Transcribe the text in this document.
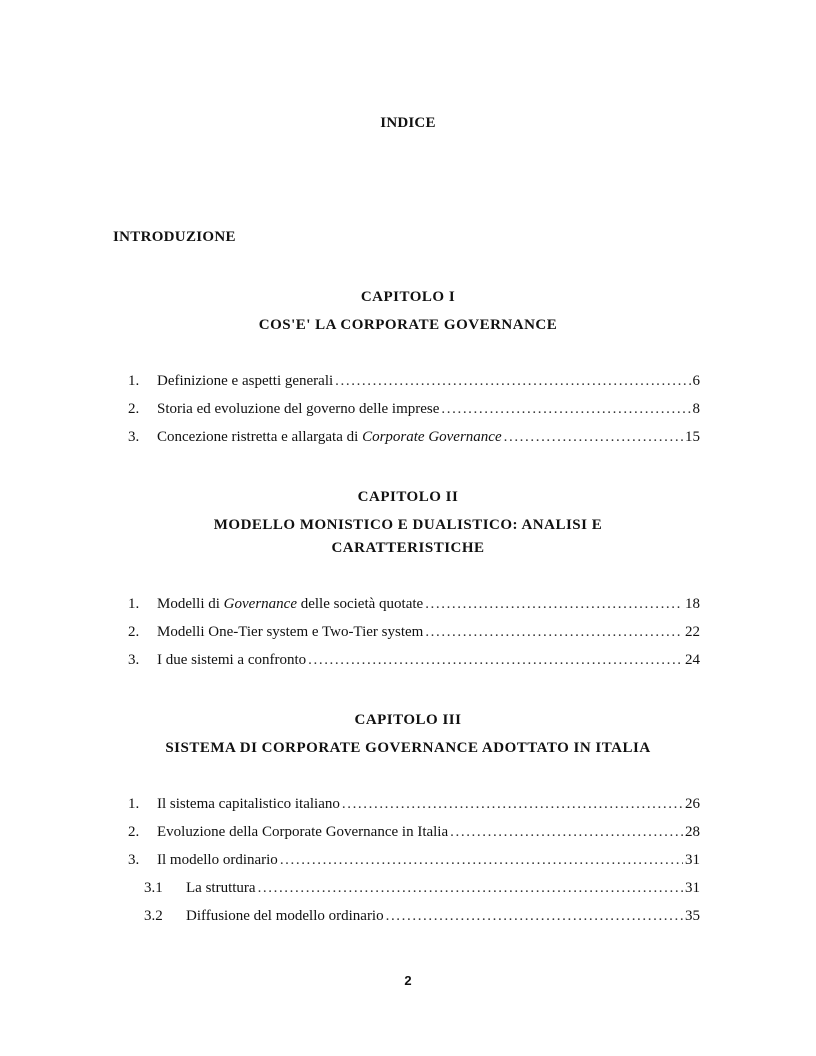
INDICE
INTRODUZIONE
CAPITOLO I
COS'E' LA CORPORATE GOVERNANCE
1.	Definizione e aspetti generali .....	6
2.	Storia ed evoluzione del governo delle imprese .....	8
3.	Concezione ristretta e allargata di Corporate Governance .....	15
CAPITOLO II
MODELLO MONISTICO E DUALISTICO: ANALISI E
CARATTERISTICHE
1.	Modelli di Governance delle società quotate .....	18
2.	Modelli One-Tier system e Two-Tier system .....	22
3.	I due sistemi a confronto .....	24
CAPITOLO III
SISTEMA DI CORPORATE GOVERNANCE ADOTTATO IN ITALIA
1.	Il sistema capitalistico italiano .....	26
2.	Evoluzione della Corporate Governance in Italia .....	28
3.	Il modello ordinario .....	31
3.1	La struttura .....	31
3.2	Diffusione del modello ordinario .....	35
2
